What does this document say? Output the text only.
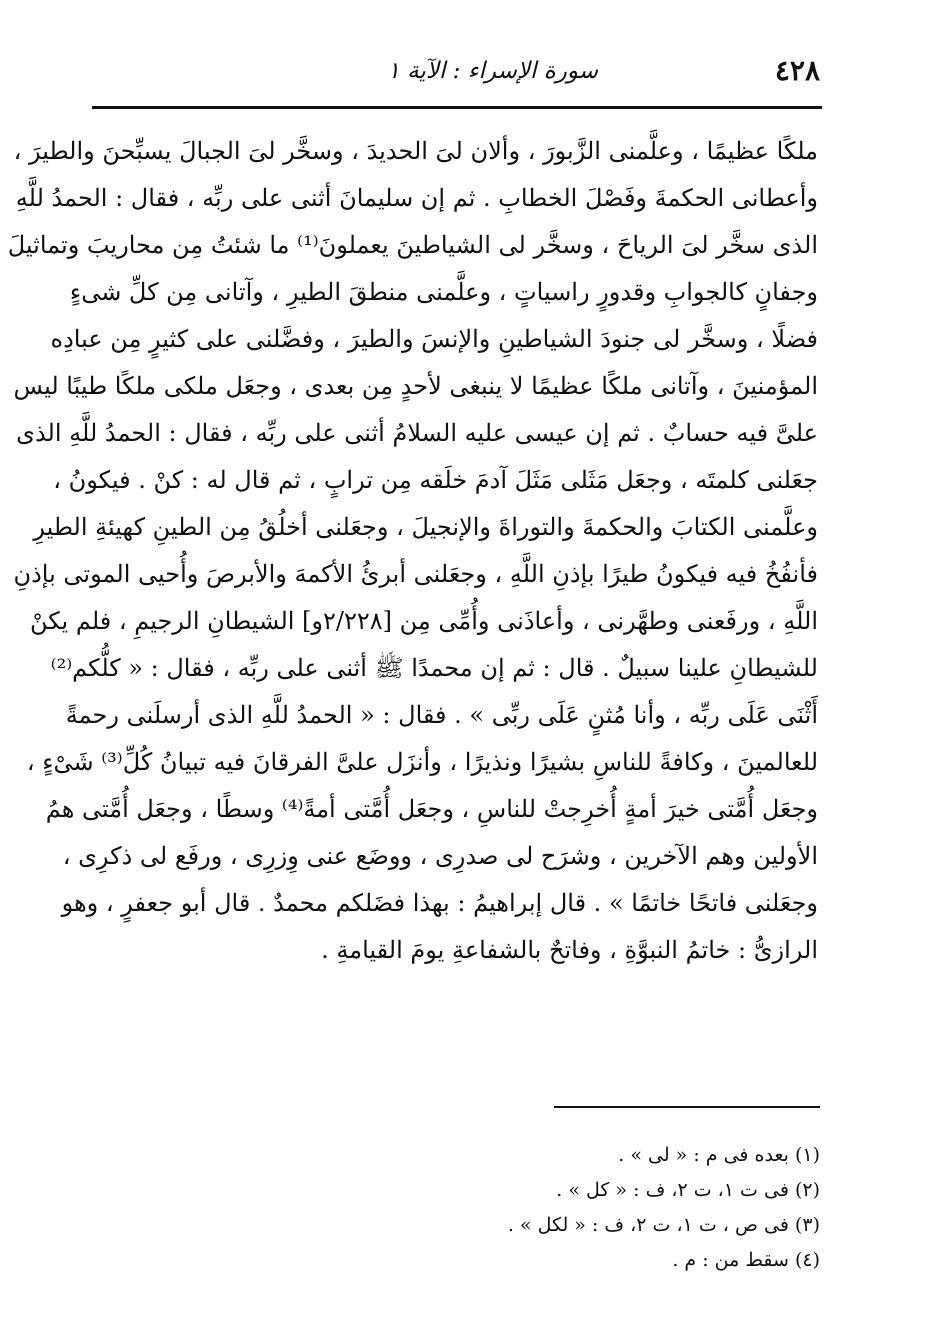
٤٢٨
سورة الإسراء : الآية ١
ملكًا عظيمًا ، وعلَّمنى الزَّبورَ ، وألان لىَ الحديدَ ، وسخَّر لىَ الجبالَ يسبِّحنَ والطيرَ ،
وأعطانى الحكمةَ وفَصْلَ الخطابِ . ثم إن سليمانَ أثنى على ربِّه ، فقال : الحمدُ للَّهِ
الذى سخَّر لىَ الرياحَ ، وسخَّر لى الشياطينَ يعملونَ⁽¹⁾ ما شئتُ مِن محاريبَ وتماثيلَ
وجفانٍ كالجوابِ وقدورٍ راسياتٍ ، وعلَّمنى منطقَ الطيرِ ، وآتانى مِن كلِّ شىءٍ
فضلًا ، وسخَّر لى جنودَ الشياطينِ والإنسَ والطيرَ ، وفضَّلنى على كثيرٍ مِن عبادِه
المؤمنينَ ، وآتانى ملكًا عظيمًا لا ينبغى لأحدٍ مِن بعدى ، وجعَل ملكى ملكًا طيبًا ليس
علىَّ فيه حسابٌ . ثم إن عيسى عليه السلامُ أثنى على ربِّه ، فقال : الحمدُ للَّهِ الذى
جعَلنى كلمتَه ، وجعَل مَثَلى مَثَلَ آدمَ خلَقه مِن ترابٍ ، ثم قال له : كنْ . فيكونُ ،
وعلَّمنى الكتابَ والحكمةَ والتوراةَ والإنجيلَ ، وجعَلنى أخلُقُ مِن الطينِ كهيئةِ الطيرِ
فأنفُخُ فيه فيكونُ طيرًا بإذنِ اللَّهِ ، وجعَلنى أبرئُ الأكمهَ والأبرصَ وأُحيى الموتى بإذنِ
اللَّهِ ، ورفَعنى وطهَّرنى ، وأعاذَنى وأُمِّى مِن [٢/٢٢٨و] الشيطانِ الرجيمِ ، فلم يكنْ
للشيطانِ علينا سبيلٌ . قال : ثم إن محمدًا ﷺ أثنى على ربِّه ، فقال : « كلُّكم⁽²⁾
أَثْنَى عَلَى ربِّه ، وأنا مُثنٍ عَلَى ربِّى » . فقال : « الحمدُ للَّهِ الذى أرسلَنى رحمةً
للعالمينَ ، وكافةً للناسِ بشيرًا ونذيرًا ، وأنزَل علىَّ الفرقانَ فيه تبيانُ كُلِّ⁽³⁾ شَىْءٍ ،
وجعَل أُمَّتى خيرَ أمةٍ أُخرِجتْ للناسِ ، وجعَل أُمَّتى أمةً⁽⁴⁾ وسطًا ، وجعَل أُمَّتى همُ
الأولين وهم الآخرين ، وشرَح لى صدرِى ، ووضَع عنى وِزرِى ، ورفَع لى ذكرِى ،
وجعَلنى فاتحًا خاتمًا » . قال إبراهيمُ : بهذا فضَلكم محمدٌ . قال أبو جعفرٍ ، وهو
الرازىُّ : خاتمُ النبوَّةِ ، وفاتحٌ بالشفاعةِ يومَ القيامةِ .
(١) بعده فى م : « لى » .
(٢) فى ت ١، ت ٢، ف : « كل » .
(٣) فى ص ، ت ١، ت ٢، ف : « لكل » .
(٤) سقط من : م .
